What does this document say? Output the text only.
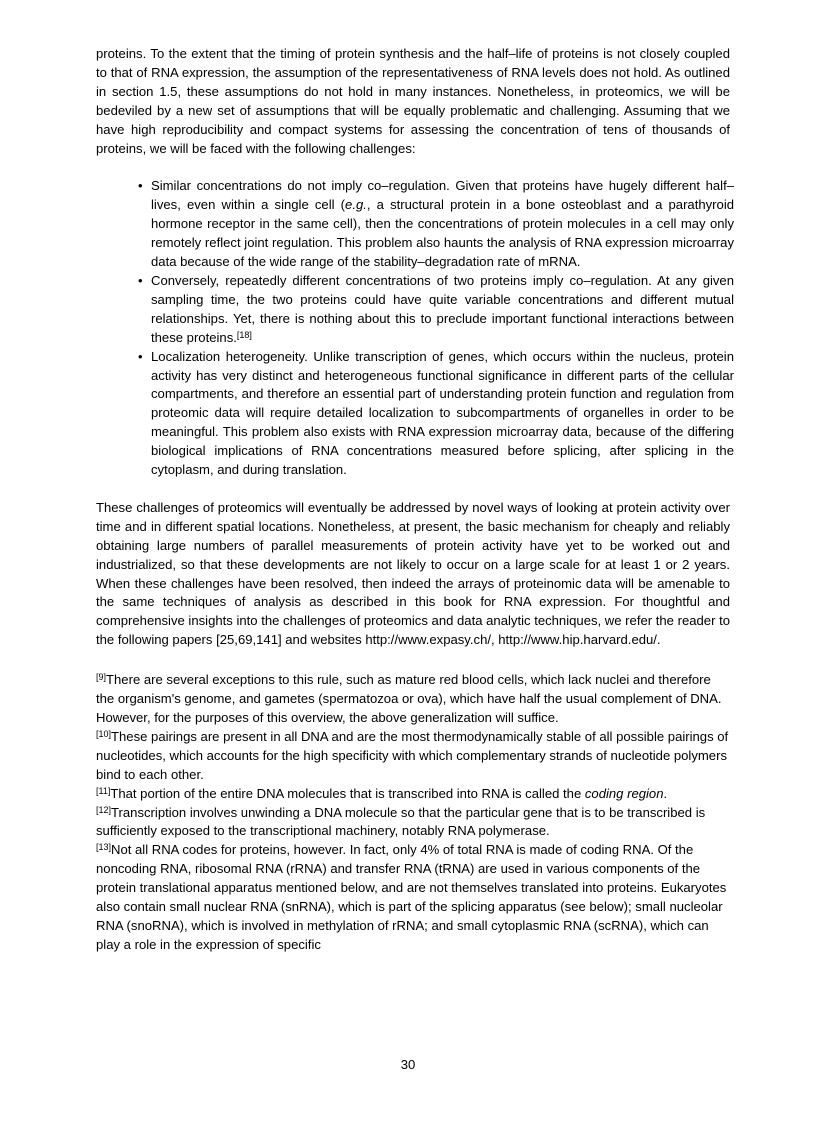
proteins. To the extent that the timing of protein synthesis and the half–life of proteins is not closely coupled to that of RNA expression, the assumption of the representativeness of RNA levels does not hold. As outlined in section 1.5, these assumptions do not hold in many instances. Nonetheless, in proteomics, we will be bedeviled by a new set of assumptions that will be equally problematic and challenging. Assuming that we have high reproducibility and compact systems for assessing the concentration of tens of thousands of proteins, we will be faced with the following challenges:

• Similar concentrations do not imply co–regulation. Given that proteins have hugely different half–lives, even within a single cell (e.g., a structural protein in a bone osteoblast and a parathyroid hormone receptor in the same cell), then the concentrations of protein molecules in a cell may only remotely reflect joint regulation. This problem also haunts the analysis of RNA expression microarray data because of the wide range of the stability–degradation rate of mRNA.
• Conversely, repeatedly different concentrations of two proteins imply co–regulation. At any given sampling time, the two proteins could have quite variable concentrations and different mutual relationships. Yet, there is nothing about this to preclude important functional interactions between these proteins.[18]
• Localization heterogeneity. Unlike transcription of genes, which occurs within the nucleus, protein activity has very distinct and heterogeneous functional significance in different parts of the cellular compartments, and therefore an essential part of understanding protein function and regulation from proteomic data will require detailed localization to subcompartments of organelles in order to be meaningful. This problem also exists with RNA expression microarray data, because of the differing biological implications of RNA concentrations measured before splicing, after splicing in the cytoplasm, and during translation.

These challenges of proteomics will eventually be addressed by novel ways of looking at protein activity over time and in different spatial locations. Nonetheless, at present, the basic mechanism for cheaply and reliably obtaining large numbers of parallel measurements of protein activity have yet to be worked out and industrialized, so that these developments are not likely to occur on a large scale for at least 1 or 2 years. When these challenges have been resolved, then indeed the arrays of proteinomic data will be amenable to the same techniques of analysis as described in this book for RNA expression. For thoughtful and comprehensive insights into the challenges of proteomics and data analytic techniques, we refer the reader to the following papers [25,69,141] and websites http://www.expasy.ch/, http://www.hip.harvard.edu/.

[9]There are several exceptions to this rule, such as mature red blood cells, which lack nuclei and therefore the organism's genome, and gametes (spermatozoa or ova), which have half the usual complement of DNA. However, for the purposes of this overview, the above generalization will suffice.

[10]These pairings are present in all DNA and are the most thermodynamically stable of all possible pairings of nucleotides, which accounts for the high specificity with which complementary strands of nucleotide polymers bind to each other.

[11]That portion of the entire DNA molecules that is transcribed into RNA is called the coding region.

[12]Transcription involves unwinding a DNA molecule so that the particular gene that is to be transcribed is sufficiently exposed to the transcriptional machinery, notably RNA polymerase.

[13]Not all RNA codes for proteins, however. In fact, only 4% of total RNA is made of coding RNA. Of the noncoding RNA, ribosomal RNA (rRNA) and transfer RNA (tRNA) are used in various components of the protein translational apparatus mentioned below, and are not themselves translated into proteins. Eukaryotes also contain small nuclear RNA (snRNA), which is part of the splicing apparatus (see below); small nucleolar RNA (snoRNA), which is involved in methylation of rRNA; and small cytoplasmic RNA (scRNA), which can play a role in the expression of specific

30
